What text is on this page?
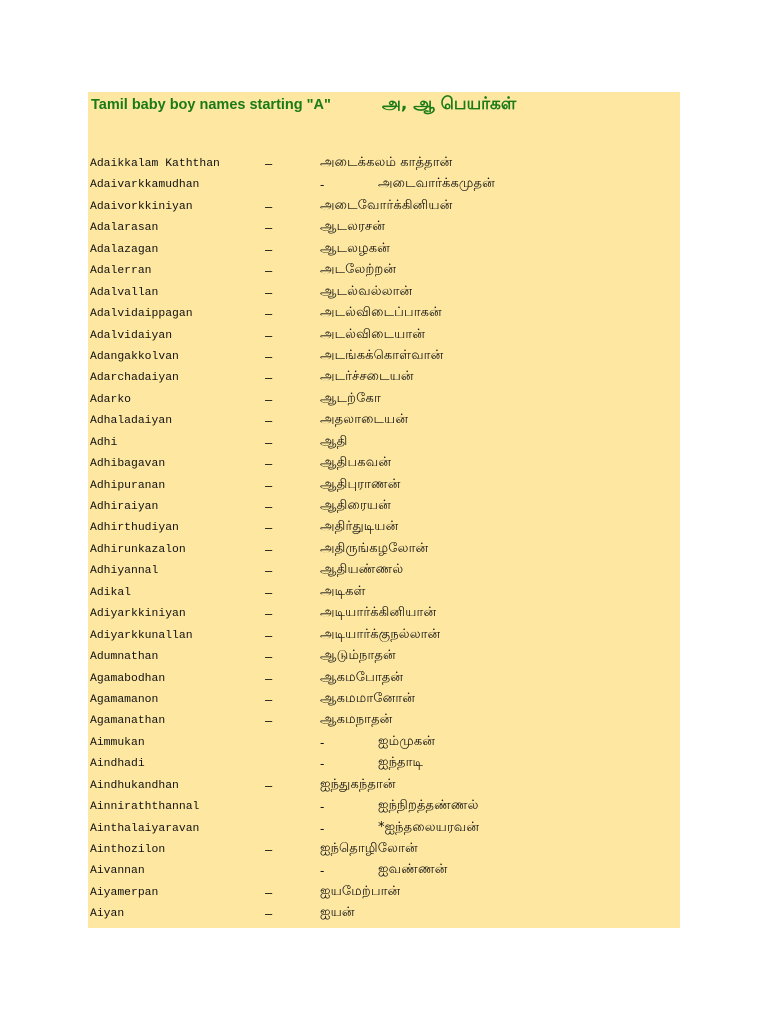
Tamil baby boy names starting "A"	அ, ஆ பெயர்கள்
Adaikkalam Kaththan	–	அடைக்கலம் காத்தான்
Adaivarkkamudhan	-	அடைவார்க்கமுதன்
Adaivorkkiniyan	–	அடைவோர்க்கினியன்
Adalarasan	–	ஆடலரசன்
Adalazagan	–	ஆடலழகன்
Adalerran	–	அடலேற்றன்
Adalvallan	–	ஆடல்வல்லான்
Adalvidaippagan	–	அடல்விடைப்பாகன்
Adalvidaiyan	–	அடல்விடையான்
Adangakkolvan	–	அடங்கக்கொள்வான்
Adarchadaiyan	–	அடர்ச்சடையன்
Adarko	–	ஆடற்கோ
Adhaladaiyan	–	அதலாடையன்
Adhi	–	ஆதி
Adhibagavan	–	ஆதிபகவன்
Adhipuranan	–	ஆதிபுராணன்
Adhiraiyan	–	ஆதிரையன்
Adhirthudiyan	–	அதிர்துடியன்
Adhirunkazalon	–	அதிருங்கழலோன்
Adhiyannal	–	ஆதியண்ணல்
Adikal	–	அடிகள்
Adiyarkkiniyan	–	அடியார்க்கினியான்
Adiyarkkunallan	–	அடியார்க்குநல்லான்
Adumnathan	–	ஆடும்நாதன்
Agamabodhan	–	ஆகமபோதன்
Agamamanon	–	ஆகமமானோன்
Agamanathan	–	ஆகமநாதன்
Aimmukan	-	ஐம்முகன்
Aindhadi	-	ஐந்தாடி
Aindhukandhan	–	ஐந்துகந்தான்
Ainniraththannal	-	ஐந்நிறத்தண்ணல்
Ainthalaiyaravan	-	*ஐந்தலையரவன்
Ainthozilon	–	ஐந்தொழிலோன்
Aivannan	-	ஐவண்ணன்
Aiyamerpan	–	ஐயமேற்பான்
Aiyan	–	ஐயன்
